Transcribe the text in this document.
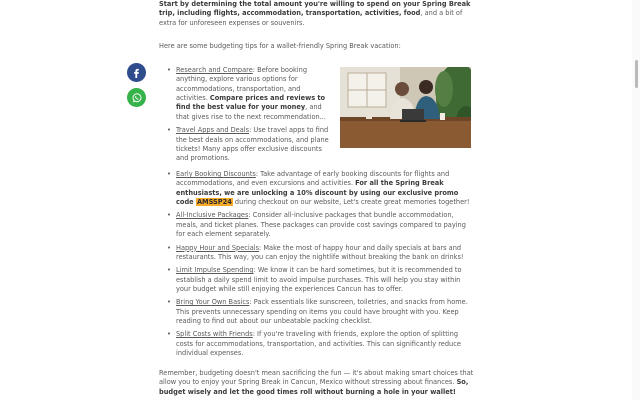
Start by determining the total amount you're willing to spend on your Spring Break trip, including flights, accommodation, transportation, activities, food, and a bit of extra for unforeseen expenses or souvenirs.

Here are some budgeting tips for a wallet-friendly Spring Break vacation:

• Research and Compare: Before booking anything, explore various options for accommodations, transportation, and activities. Compare prices and reviews to find the best value for your money, and that gives rise to the next recommendation...
• Travel Apps and Deals: Use travel apps to find the best deals on accommodations, and plane tickets! Many apps offer exclusive discounts and promotions.
• Early Booking Discounts: Take advantage of early booking discounts for flights and accommodations, and even excursions and activities. For all the Spring Break enthusiasts, we are unlocking a 10% discount by using our exclusive promo code AMSSP24 during checkout on our website, Let's create great memories together!
• All-Inclusive Packages: Consider all-inclusive packages that bundle accommodation, meals, and ticket planes. These packages can provide cost savings compared to paying for each element separately.
• Happy Hour and Specials: Make the most of happy hour and daily specials at bars and restaurants. This way, you can enjoy the nightlife without breaking the bank on drinks!
• Limit Impulse Spending: We know it can be hard sometimes, but it is recommended to establish a daily spend limit to avoid impulse purchases. This will help you stay within your budget while still enjoying the experiences Cancun has to offer.
• Bring Your Own Basics: Pack essentials like sunscreen, toiletries, and snacks from home. This prevents unnecessary spending on items you could have brought with you. Keep reading to find out about our unbeatable packing checklist.
• Split Costs with Friends: If you're traveling with friends, explore the option of splitting costs for accommodations, transportation, and activities. This can significantly reduce individual expenses.

Remember, budgeting doesn't mean sacrificing the fun — it's about making smart choices that allow you to enjoy your Spring Break in Cancun, Mexico without stressing about finances. So, budget wisely and let the good times roll without burning a hole in your wallet!
